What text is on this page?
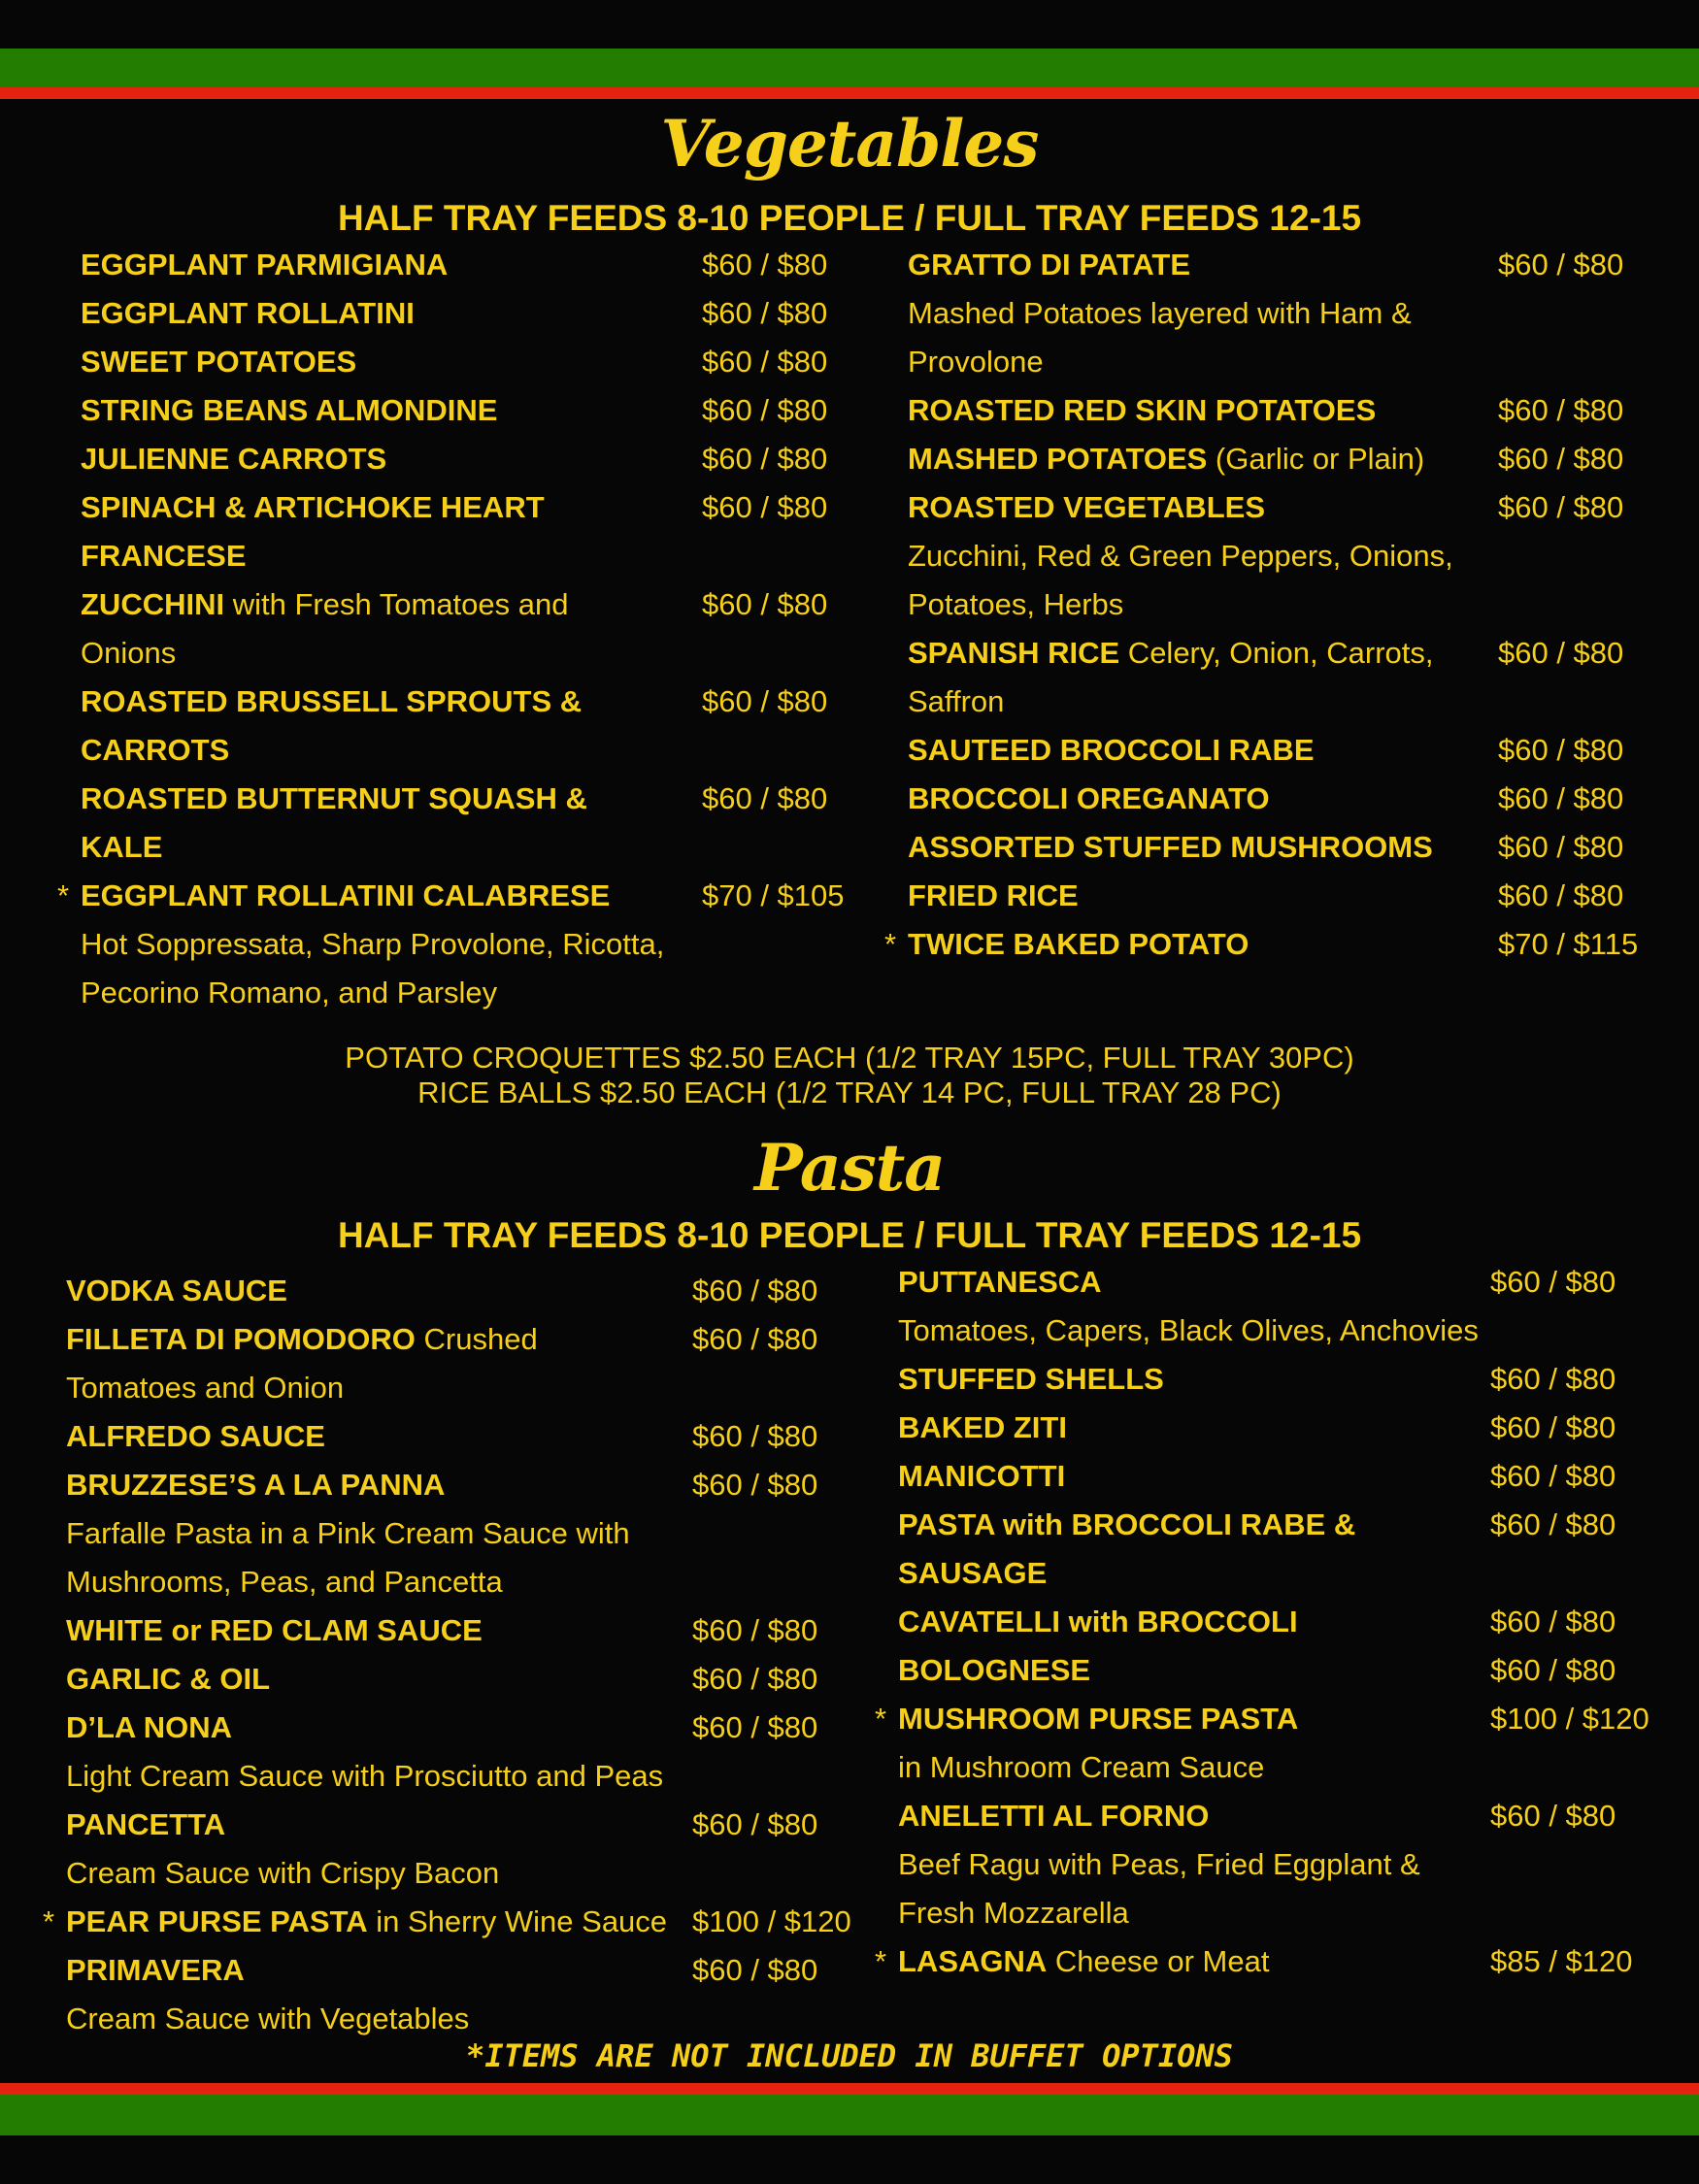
Vegetables
HALF TRAY FEEDS 8-10 PEOPLE / FULL TRAY FEEDS 12-15
EGGPLANT PARMIGIANA	$60 / $80
EGGPLANT ROLLATINI	$60 / $80
SWEET POTATOES	$60 / $80
STRING BEANS ALMONDINE	$60 / $80
JULIENNE CARROTS	$60 / $80
SPINACH & ARTICHOKE HEART	$60 / $80
FRANCESE
ZUCCHINI with Fresh Tomatoes and	$60 / $80
Onions
ROASTED BRUSSELL SPROUTS &	$60 / $80
CARROTS
ROASTED BUTTERNUT SQUASH &	$60 / $80
KALE
* EGGPLANT ROLLATINI CALABRESE	$70 / $105
Hot Soppressata, Sharp Provolone, Ricotta,
Pecorino Romano, and Parsley
GRATTO DI PATATE	$60 / $80
Mashed Potatoes layered with Ham &
Provolone
ROASTED RED SKIN POTATOES	$60 / $80
MASHED POTATOES (Garlic or Plain) $60 / $80
ROASTED VEGETABLES	$60 / $80
Zucchini, Red & Green Peppers, Onions,
Potatoes, Herbs
SPANISH RICE Celery, Onion, Carrots, $60 / $80
Saffron
SAUTEED BROCCOLI RABE	$60 / $80
BROCCOLI OREGANATO	$60 / $80
ASSORTED STUFFED MUSHROOMS $60 / $80
FRIED RICE	$60 / $80
* TWICE BAKED POTATO	$70 / $115
POTATO CROQUETTES $2.50 EACH (1/2 TRAY 15PC, FULL TRAY 30PC)
RICE BALLS $2.50 EACH (1/2 TRAY 14 PC, FULL TRAY 28 PC)
Pasta
HALF TRAY FEEDS 8-10 PEOPLE / FULL TRAY FEEDS 12-15
VODKA SAUCE	$60 / $80
FILLETA DI POMODORO Crushed	$60 / $80
Tomatoes and Onion
ALFREDO SAUCE	$60 / $80
BRUZZESE’S A LA PANNA	$60 / $80
Farfalle Pasta in a Pink Cream Sauce with
Mushrooms, Peas, and Pancetta
WHITE or RED CLAM SAUCE	$60 / $80
GARLIC & OIL	$60 / $80
D’LA NONA	$60 / $80
Light Cream Sauce with Prosciutto and Peas
PANCETTA	$60 / $80
Cream Sauce with Crispy Bacon
* PEAR PURSE PASTA in Sherry Wine Sauce $100 / $120
PRIMAVERA	$60 / $80
Cream Sauce with Vegetables
PUTTANESCA	$60 / $80
Tomatoes, Capers, Black Olives, Anchovies
STUFFED SHELLS	$60 / $80
BAKED ZITI	$60 / $80
MANICOTTI	$60 / $80
PASTA with BROCCOLI RABE &	$60 / $80
SAUSAGE
CAVATELLI with BROCCOLI	$60 / $80
BOLOGNESE	$60 / $80
* MUSHROOM PURSE PASTA	$100 / $120
in Mushroom Cream Sauce
ANELETTI AL FORNO	$60 / $80
Beef Ragu with Peas, Fried Eggplant &
Fresh Mozzarella
* LASAGNA Cheese or Meat	$85 / $120
*ITEMS ARE NOT INCLUDED IN BUFFET OPTIONS
